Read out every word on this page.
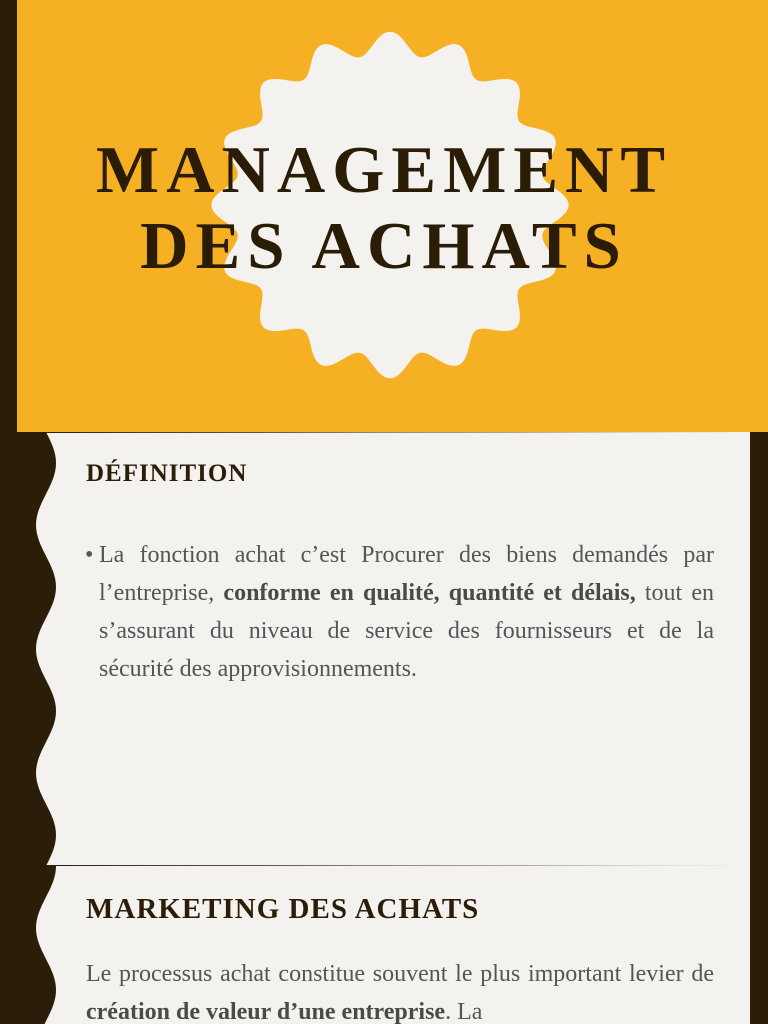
MANAGEMENT
DES ACHATS
DÉFINITION
• La fonction achat c’est Procurer des biens demandés par l’entreprise, conforme en qualité, quantité et délais, tout en s’assurant du niveau de service des fournisseurs et de la sécurité des approvisionnements.
MARKETING DES ACHATS
Le processus achat constitue souvent le plus important levier de création de valeur d’une entreprise. La
